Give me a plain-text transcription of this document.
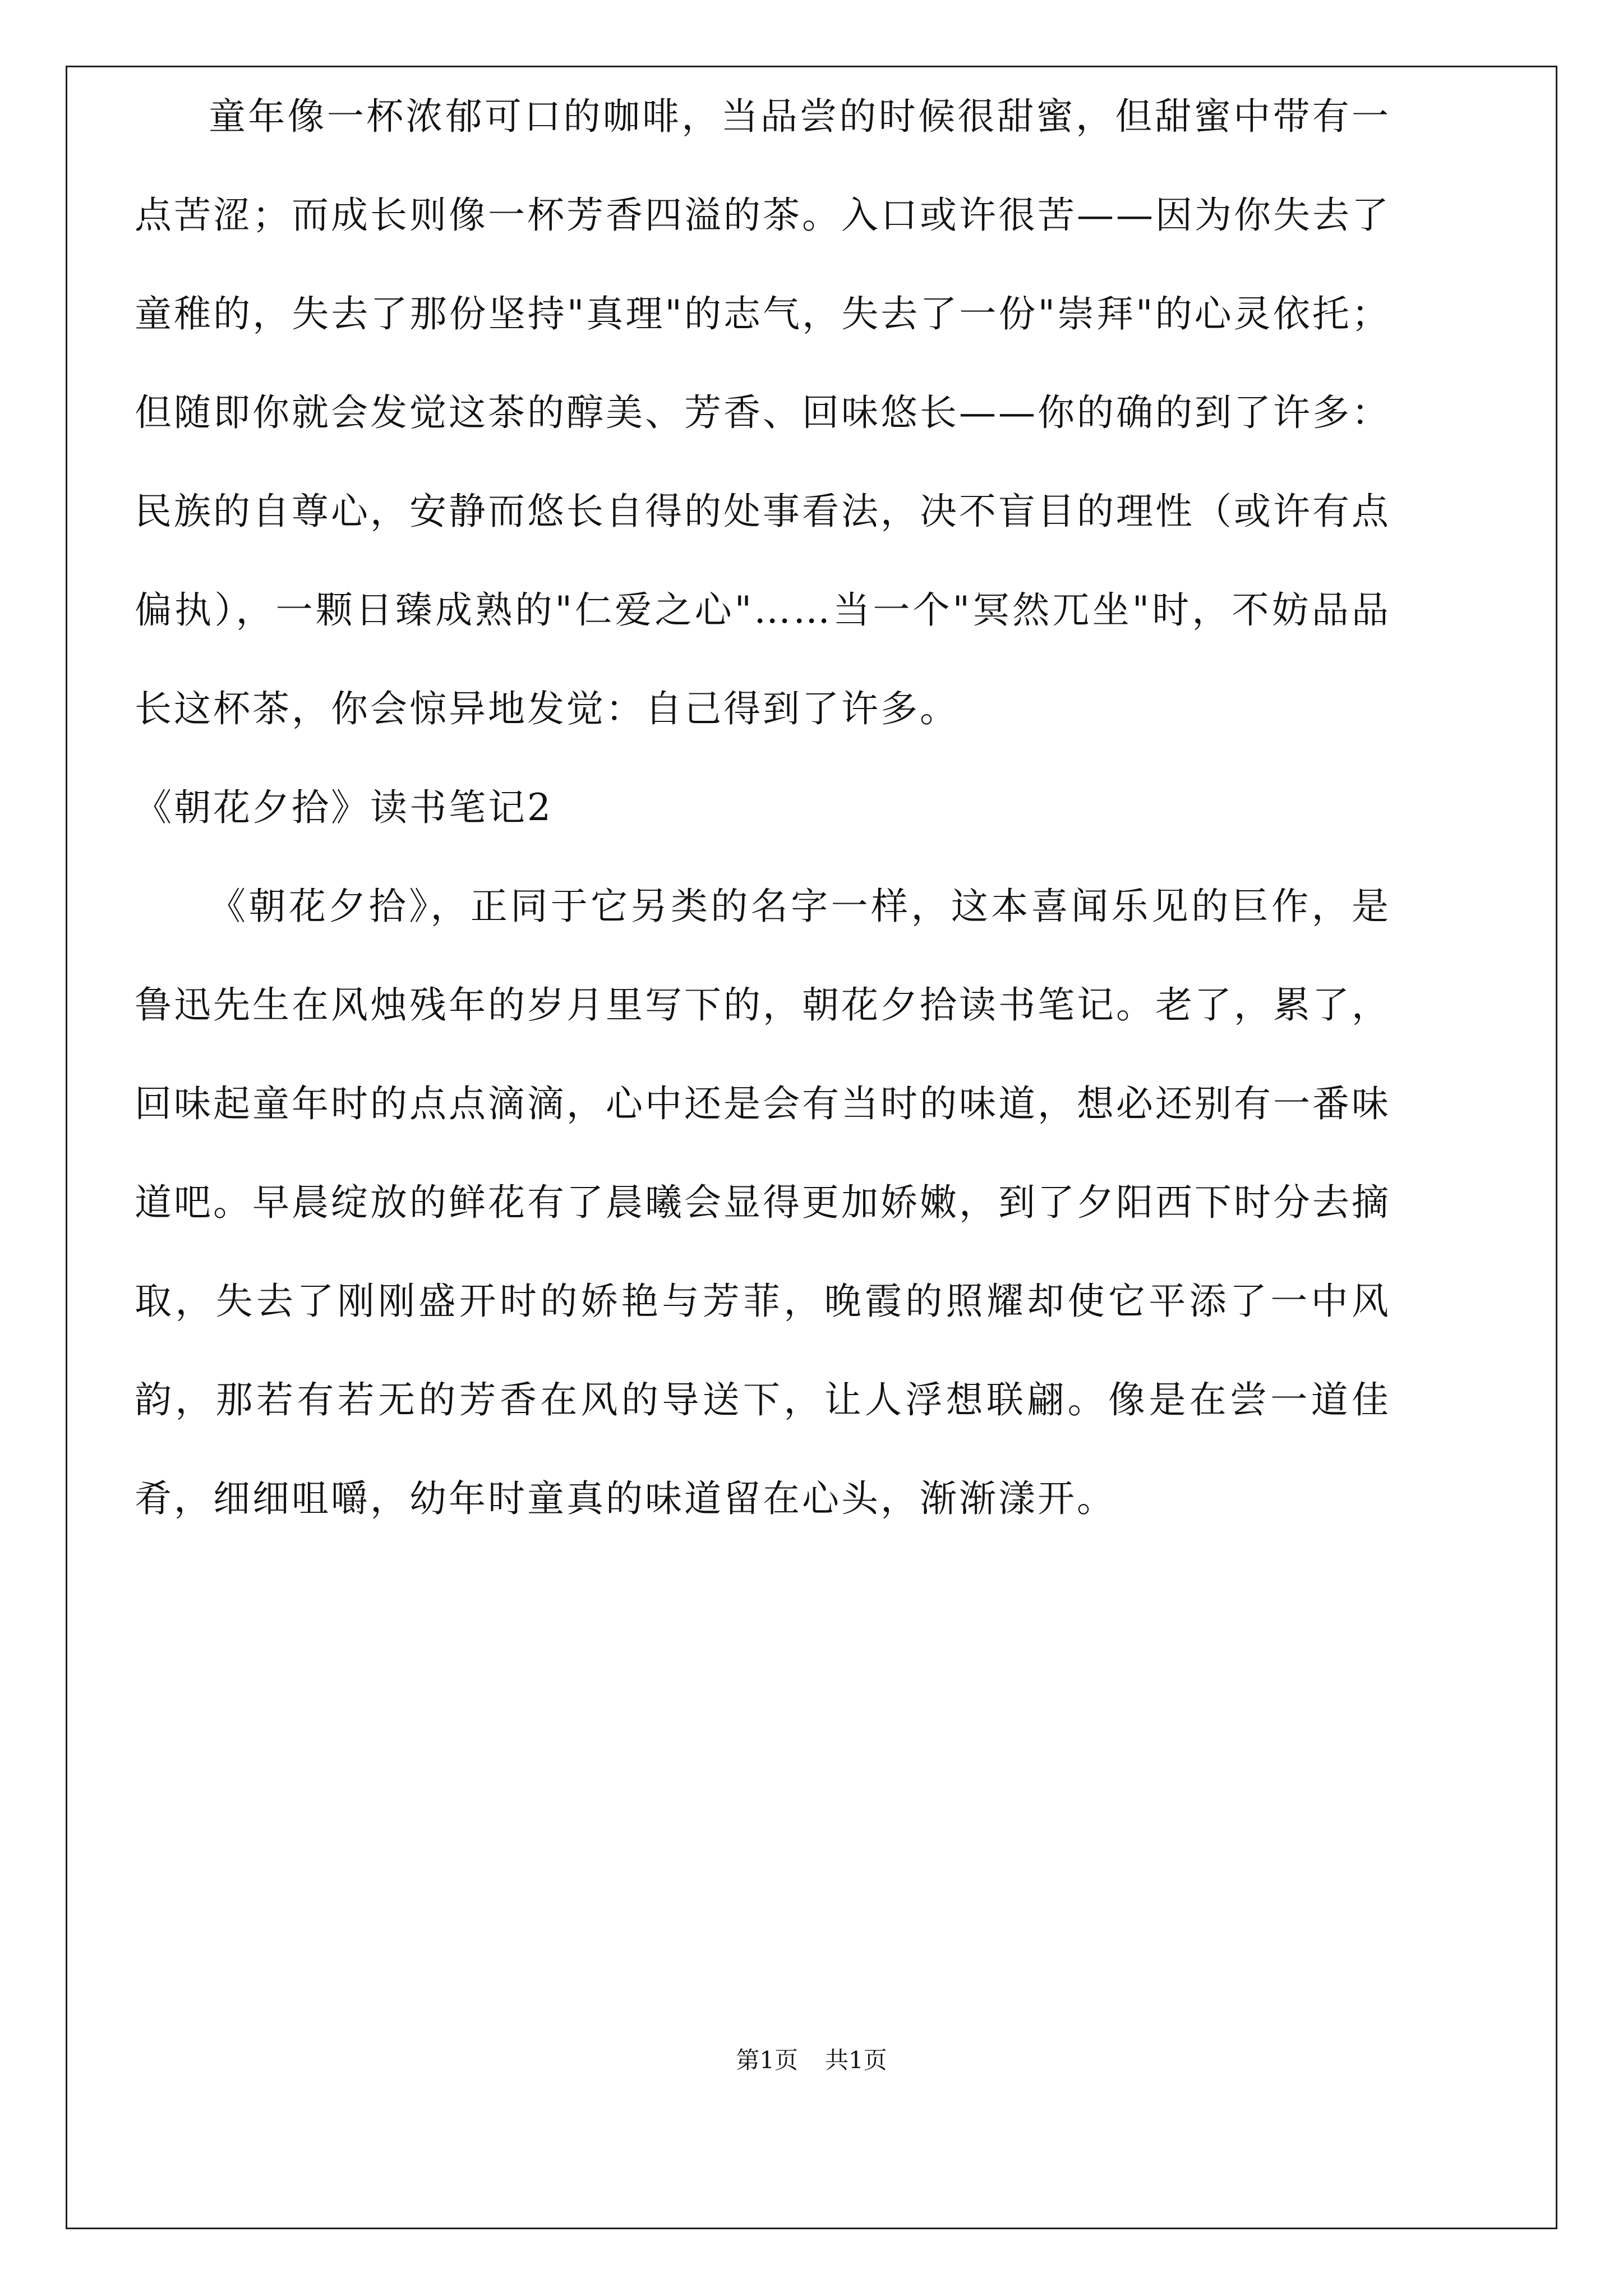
童年像一杯浓郁可口的咖啡，当品尝的时候很甜蜜，但甜蜜中带有一点苦涩；而成长则像一杯芳香四溢的茶。入口或许很苦——因为你失去了童稚的，失去了那份坚持"真理"的志气，失去了一份"崇拜"的心灵依托；但随即你就会发觉这茶的醇美、芳香、回味悠长——你的确的到了许多：民族的自尊心，安静而悠长自得的处事看法，决不盲目的理性（或许有点偏执），一颗日臻成熟的"仁爱之心"……当一个"冥然兀坐"时，不妨品品长这杯茶，你会惊异地发觉：自己得到了许多。

《朝花夕拾》读书笔记2

《朝花夕拾》，正同于它另类的名字一样，这本喜闻乐见的巨作，是鲁迅先生在风烛残年的岁月里写下的，朝花夕拾读书笔记。老了，累了，回味起童年时的点点滴滴，心中还是会有当时的味道，想必还别有一番味道吧。早晨绽放的鲜花有了晨曦会显得更加娇嫩，到了夕阳西下时分去摘取，失去了刚刚盛开时的娇艳与芳菲，晚霞的照耀却使它平添了一中风韵，那若有若无的芳香在风的导送下，让人浮想联翩。像是在尝一道佳肴，细细咀嚼，幼年时童真的味道留在心头，渐渐漾开。

第1页 共1页
